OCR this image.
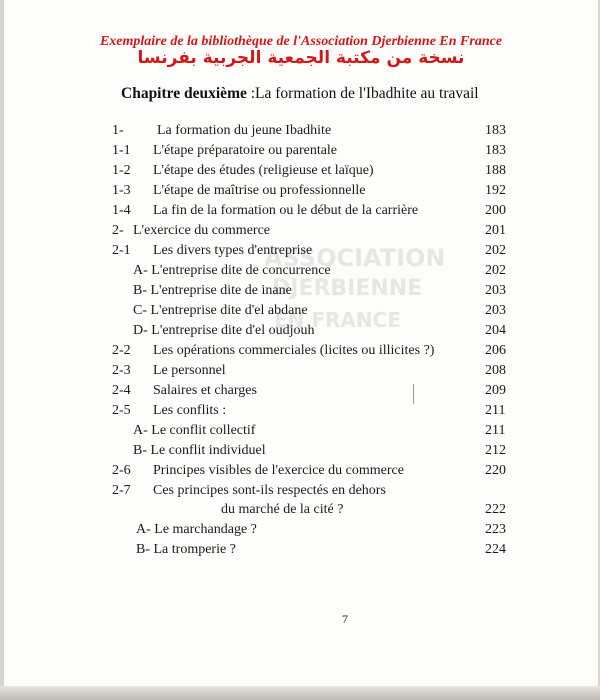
Exemplaire de la bibliothèque de l'Association Djerbienne En France
نسخة من مكتبة الجمعية الجربية بفرنسا
Chapitre deuxième :La formation de l'Ibadhite au travail
ASSOCIATION
DJERBIENNE
EN FRANCE
1- La formation du jeune Ibadhite	183
1-1 L'étape préparatoire ou parentale	183
1-2 L'étape des études (religieuse et laïque)	188
1-3 L'étape de maîtrise ou professionnelle	192
1-4 La fin de la formation ou le début de la carrière	200
2- L'exercice du commerce	201
2-1 Les divers types d'entreprise	202
A- L'entreprise dite de concurrence	202
B- L'entreprise dite de inane	203
C- L'entreprise dite d'el abdane	203
D- L'entreprise dite d'el oudjouh	204
2-2 Les opérations commerciales (licites ou illicites ?)	206
2-3 Le personnel	208
2-4 Salaires et charges	209
2-5 Les conflits :	211
A- Le conflit collectif	211
B- Le conflit individuel	212
2-6 Principes visibles de l'exercice du commerce	220
2-7 Ces principes sont-ils respectés en dehors
du marché de la cité ?	222
A- Le marchandage ?	223
B- La tromperie ?	224
7
